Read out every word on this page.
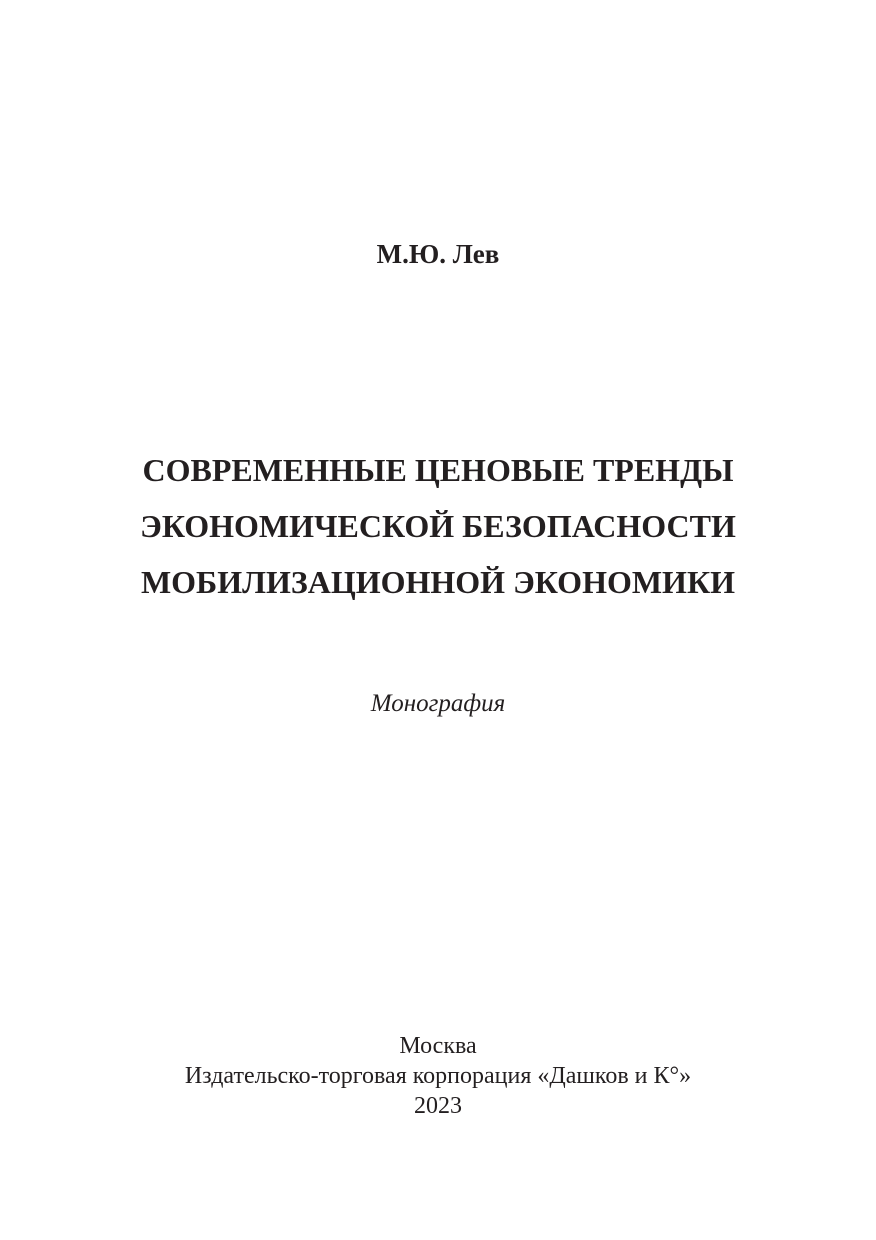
М.Ю. Лев
СОВРЕМЕННЫЕ ЦЕНОВЫЕ ТРЕНДЫ
ЭКОНОМИЧЕСКОЙ БЕЗОПАСНОСТИ
МОБИЛИЗАЦИОННОЙ ЭКОНОМИКИ
Монография
Москва
Издательско-торговая корпорация «Дашков и К°»
2023
